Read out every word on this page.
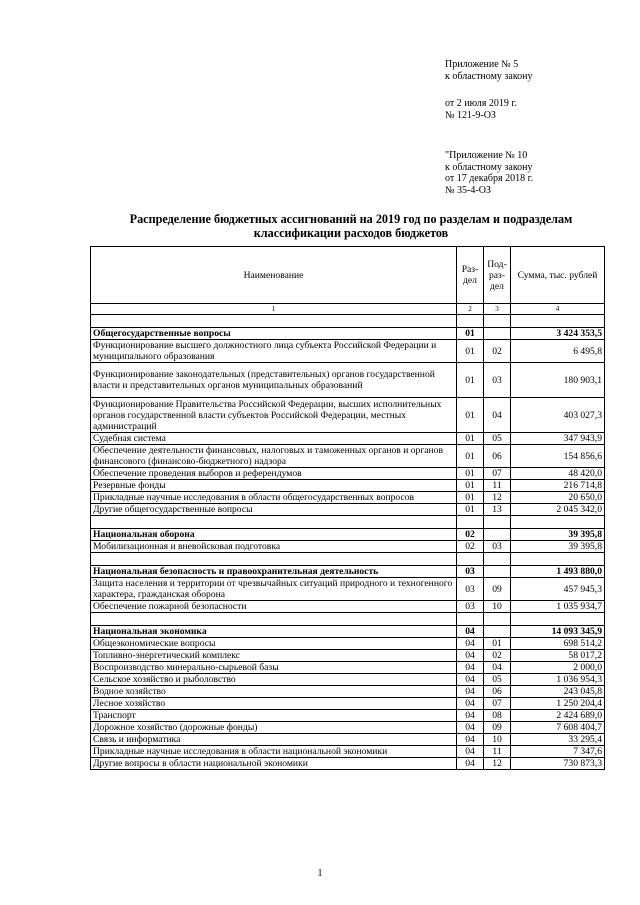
Приложение № 5
к областному закону
от 2 июля 2019 г.
№ 121-9-ОЗ
"Приложение № 10
к областному закону
от 17 декабря 2018 г.
№ 35-4-ОЗ
Распределение бюджетных ассигнований на 2019 год по разделам и подразделам
классификации расходов бюджетов
Наименование	Раз-дел	Под-раз-дел	Сумма, тыс. рублей
1	2	3	4

Общегосударственные вопросы	01		3 424 353,5
Функционирование высшего должностного лица субъекта Российской Федерации и муниципального образования	01	02	6 495,8
Функционирование законодательных (представительных) органов государственной власти и представительных органов муниципальных образований	01	03	180 903,1
Функционирование Правительства Российской Федерации, высших исполнительных органов государственной власти субъектов Российской Федерации, местных администраций	01	04	403 027,3
Судебная система	01	05	347 943,9
Обеспечение деятельности финансовых, налоговых и таможенных органов и органов финансового (финансово-бюджетного) надзора	01	06	154 856,6
Обеспечение проведения выборов и референдумов	01	07	48 420,0
Резервные фонды	01	11	216 714,8
Прикладные научные исследования в области общегосударственных вопросов	01	12	20 650,0
Другие общегосударственные вопросы	01	13	2 045 342,0

Национальная оборона	02		39 395,8
Мобилизационная и вневойсковая подготовка	02	03	39 395,8

Национальная безопасность и правоохранительная деятельность	03		1 493 880,0
Защита населения и территории от чрезвычайных ситуаций природного и техногенного характера, гражданская оборона	03	09	457 945,3
Обеспечение пожарной безопасности	03	10	1 035 934,7

Национальная экономика	04		14 093 345,9
Общеэкономические вопросы	04	01	698 514,2
Топливно-энергетический комплекс	04	02	58 017,2
Воспроизводство минерально-сырьевой базы	04	04	2 000,0
Сельское хозяйство и рыболовство	04	05	1 036 954,3
Водное хозяйство	04	06	243 045,8
Лесное хозяйство	04	07	1 250 204,4
Транспорт	04	08	2 424 689,0
Дорожное хозяйство (дорожные фонды)	04	09	7 608 404,7
Связь и информатика	04	10	33 295,4
Прикладные научные исследования в области национальной экономики	04	11	7 347,6
Другие вопросы в области национальной экономики	04	12	730 873,3
1
